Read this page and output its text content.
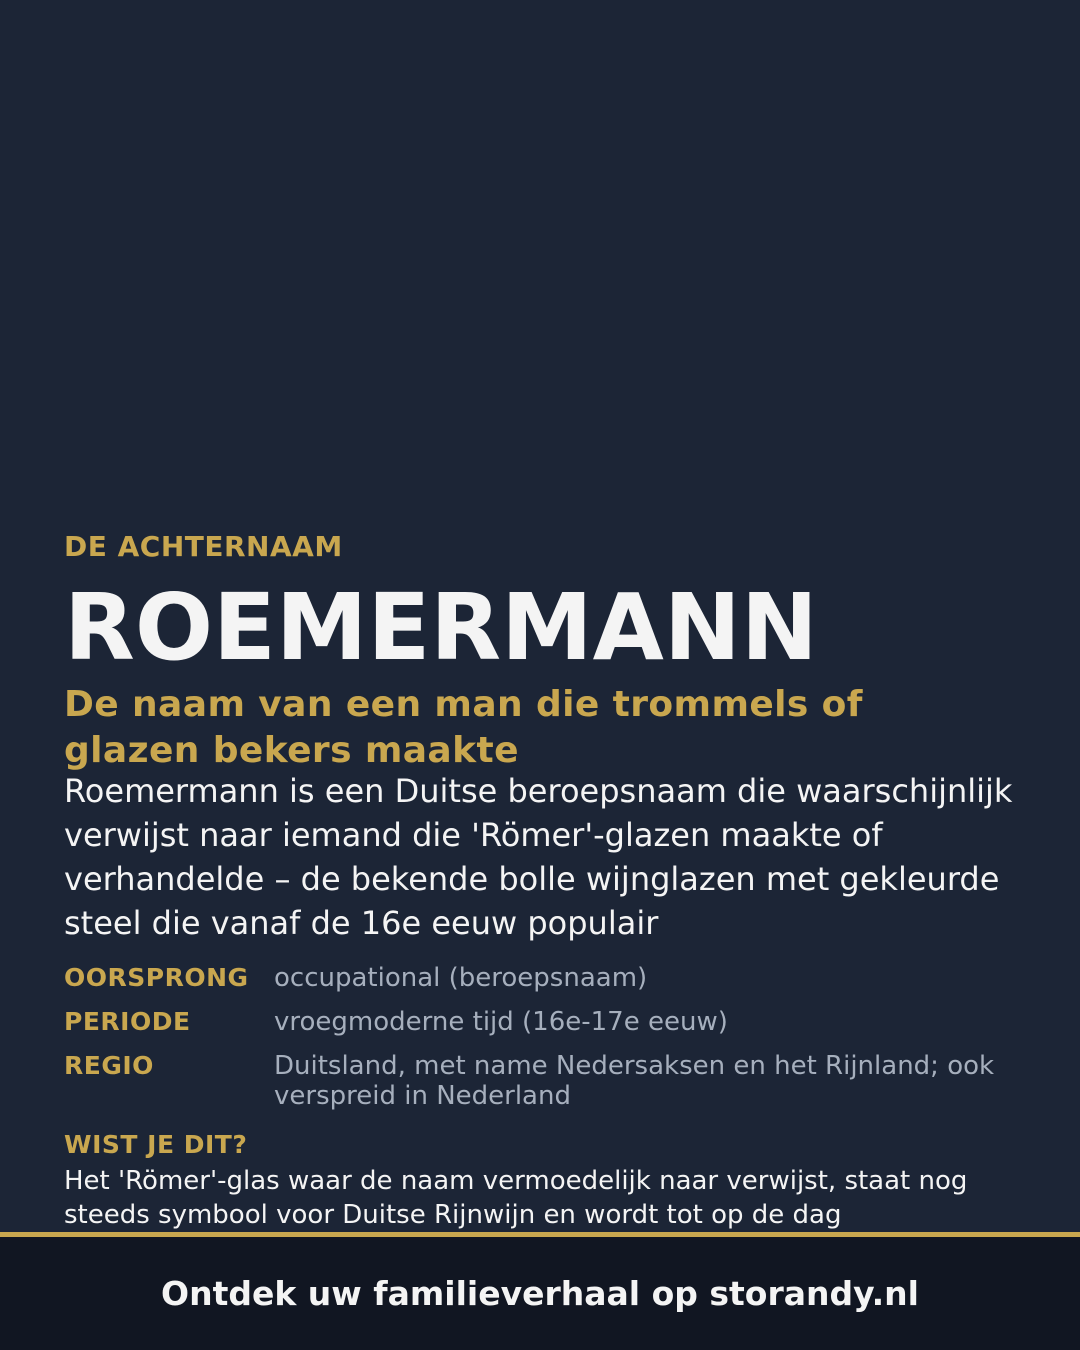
DE ACHTERNAAM

ROEMERMANN
De naam van een man die trommels of glazen bekers maakte

Roemermann is een Duitse beroepsnaam die waarschijnlijk verwijst naar iemand die 'Römer'-glazen maakte of verhandelde – de bekende bolle wijnglazen met gekleurde steel die vanaf de 16e eeuw populair

OORSPRONG occupational (beroepsnaam)
PERIODE	vroegmoderne tijd (16e-17e eeuw)
REGIO	Duitsland, met name Nedersaksen en het Rijnland; ook verspreid in Nederland
WIST JE DIT?

Het 'Römer'-glas waar de naam vermoedelijk naar verwijst, staat nog steeds symbool voor Duitse Rijnwijn en wordt tot op de dag

Ontdek uw familieverhaal op storandy.nl
